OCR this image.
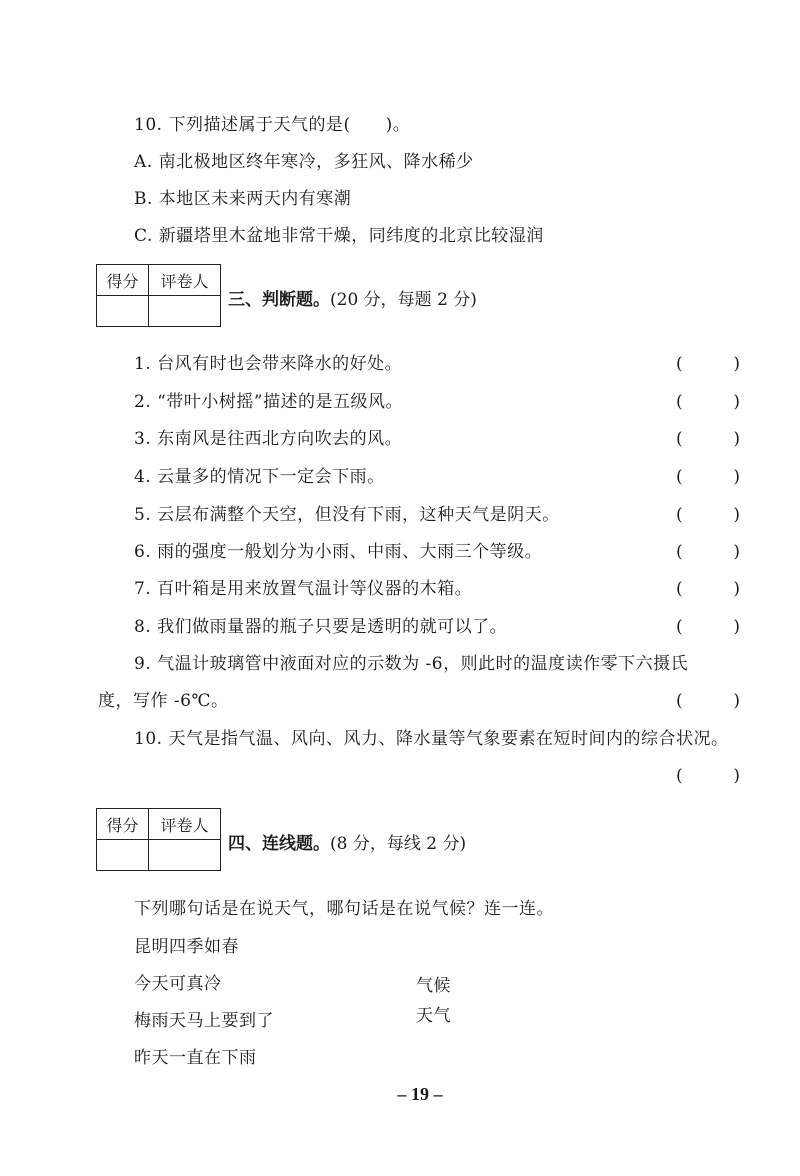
10. 下列描述属于天气的是(　　)。
A. 南北极地区终年寒冷，多狂风、降水稀少
B. 本地区未来两天内有寒潮
C. 新疆塔里木盆地非常干燥，同纬度的北京比较湿润
得分	评卷人

三、判断题。(20 分，每题 2 分)
1. 台风有时也会带来降水的好处。	(	)
2. “带叶小树摇”描述的是五级风。	(	)
3. 东南风是往西北方向吹去的风。	(	)
4. 云量多的情况下一定会下雨。	(	)
5. 云层布满整个天空，但没有下雨，这种天气是阴天。	(	)
6. 雨的强度一般划分为小雨、中雨、大雨三个等级。	(	)
7. 百叶箱是用来放置气温计等仪器的木箱。	(	)
8. 我们做雨量器的瓶子只要是透明的就可以了。	(	)
9. 气温计玻璃管中液面对应的示数为 -6，则此时的温度读作零下六摄氏
度，写作 -6℃。	(	)
10. 天气是指气温、风向、风力、降水量等气象要素在短时间内的综合状况。
(	)
得分	评卷人

四、连线题。(8 分，每线 2 分)
下列哪句话是在说天气，哪句话是在说气候？连一连。
昆明四季如春
今天可真冷
梅雨天马上要到了
昨天一直在下雨
气候
天气
– 19 –
